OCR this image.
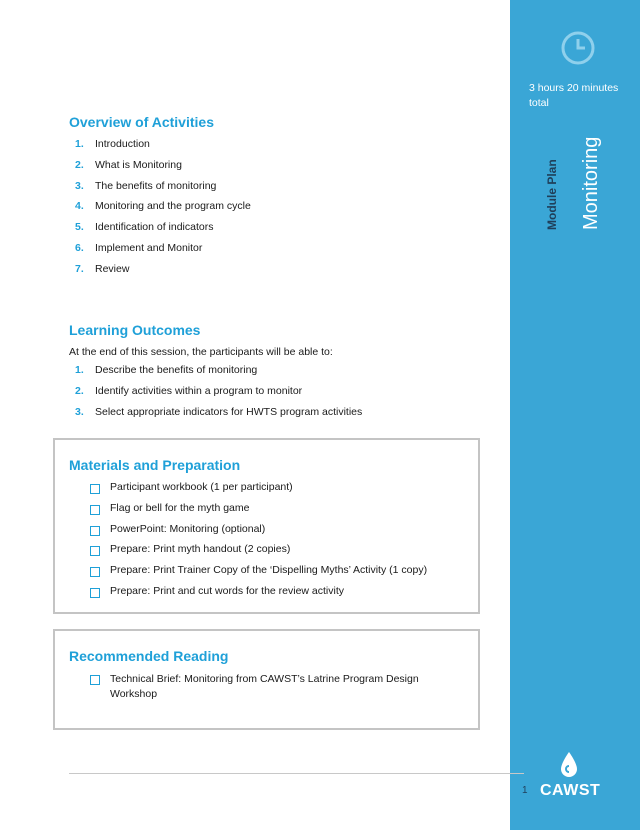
3 hours 20 minutes total
Module Plan Monitoring
CAWST
1
Overview of Activities
1.	Introduction
2.	What is Monitoring
3.	The benefits of monitoring
4.	Monitoring and the program cycle
5.	Identification of indicators
6.	Implement and Monitor
7.	Review
Learning Outcomes
At the end of this session, the participants will be able to:
1.	Describe the benefits of monitoring
2.	Identify activities within a program to monitor
3.	Select appropriate indicators for HWTS program activities
Materials and Preparation
Participant workbook (1 per participant)
Flag or bell for the myth game
PowerPoint: Monitoring (optional)
Prepare: Print myth handout (2 copies)
Prepare: Print Trainer Copy of the ‘Dispelling Myths’ Activity (1 copy)
Prepare: Print and cut words for the review activity
Recommended Reading
Technical Brief: Monitoring from CAWST’s Latrine Program Design Workshop
